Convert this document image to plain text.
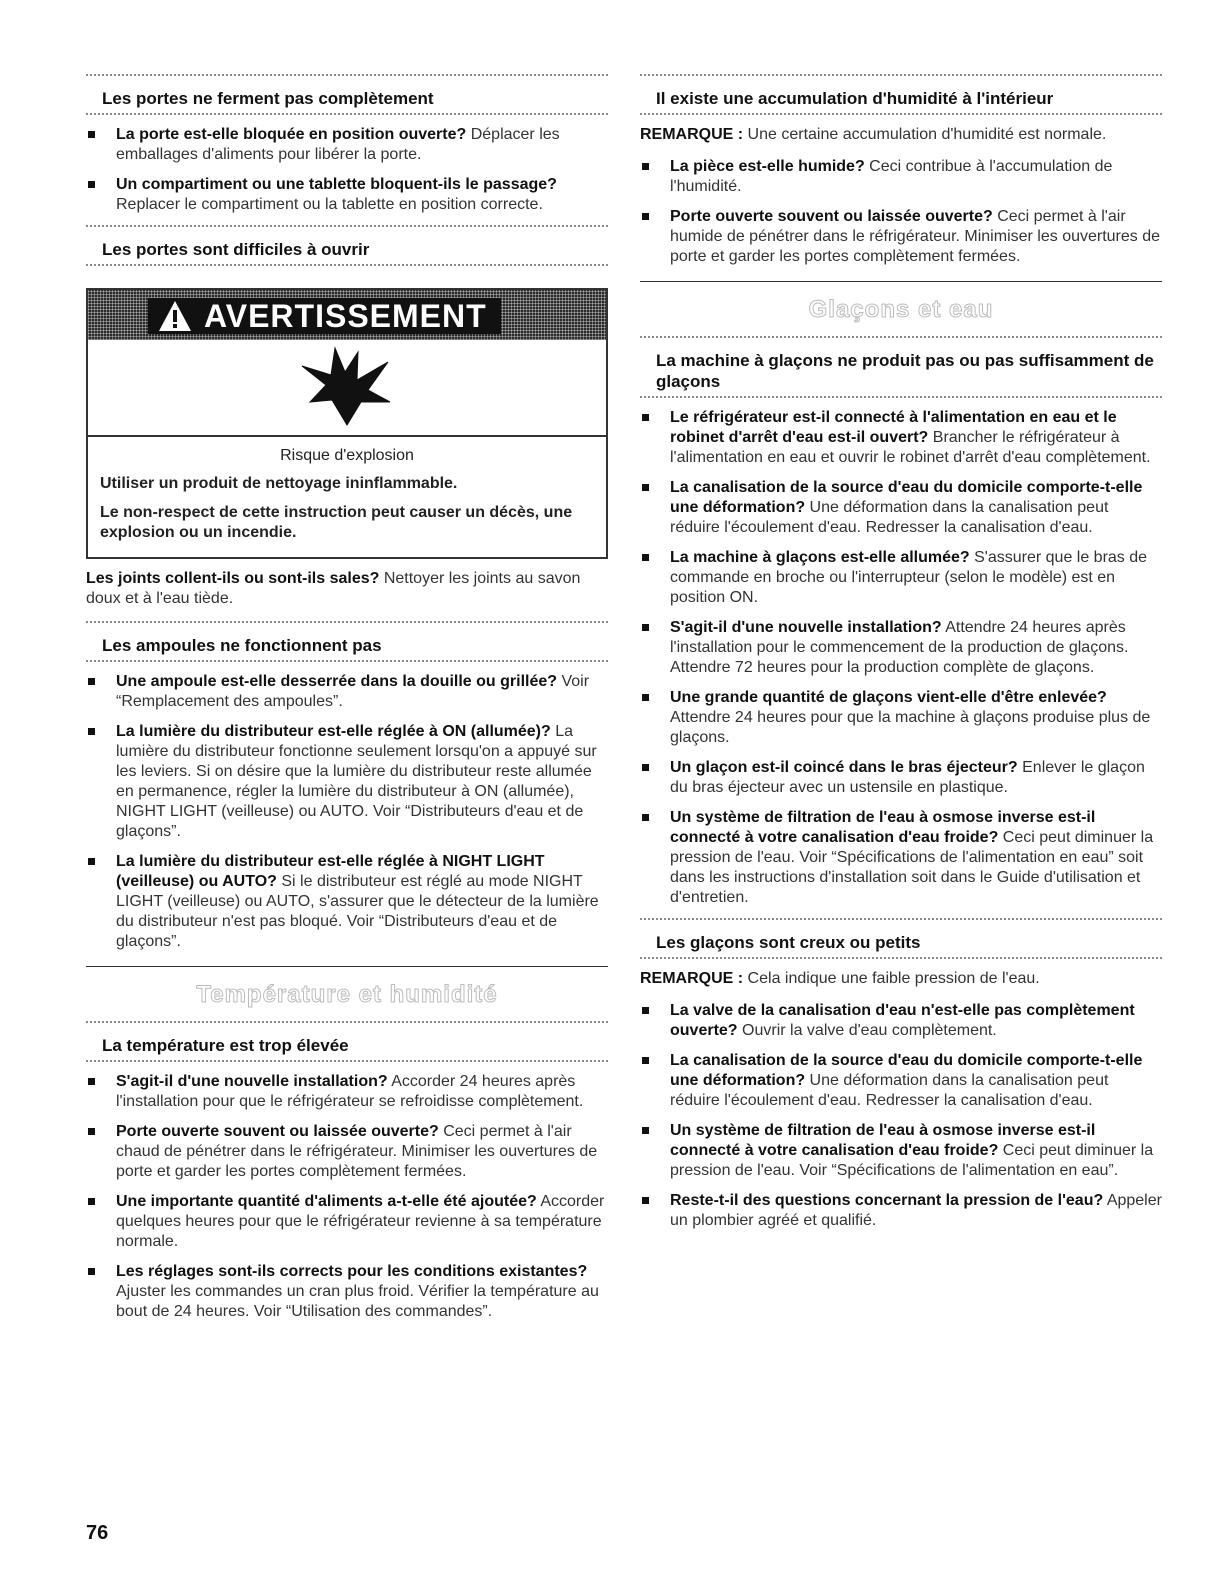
Les portes ne ferment pas complètement
La porte est-elle bloquée en position ouverte? Déplacer les emballages d'aliments pour libérer la porte.
Un compartiment ou une tablette bloquent-ils le passage? Replacer le compartiment ou la tablette en position correcte.
Les portes sont difficiles à ouvrir
AVERTISSEMENT
Risque d'explosion
Utiliser un produit de nettoyage ininflammable.
Le non-respect de cette instruction peut causer un décès, une explosion ou un incendie.

Les joints collent-ils ou sont-ils sales? Nettoyer les joints au savon doux et à l'eau tiède.

Les ampoules ne fonctionnent pas
Une ampoule est-elle desserrée dans la douille ou grillée? Voir “Remplacement des ampoules”.
La lumière du distributeur est-elle réglée à ON (allumée)? La lumière du distributeur fonctionne seulement lorsqu'on a appuyé sur les leviers. Si on désire que la lumière du distributeur reste allumée en permanence, régler la lumière du distributeur à ON (allumée), NIGHT LIGHT (veilleuse) ou AUTO. Voir “Distributeurs d'eau et de glaçons”.
La lumière du distributeur est-elle réglée à NIGHT LIGHT (veilleuse) ou AUTO? Si le distributeur est réglé au mode NIGHT LIGHT (veilleuse) ou AUTO, s'assurer que le détecteur de la lumière du distributeur n'est pas bloqué. Voir “Distributeurs d'eau et de glaçons”.
Température et humidité
La température est trop élevée
S'agit-il d'une nouvelle installation? Accorder 24 heures après l'installation pour que le réfrigérateur se refroidisse complètement.
Porte ouverte souvent ou laissée ouverte? Ceci permet à l'air chaud de pénétrer dans le réfrigérateur. Minimiser les ouvertures de porte et garder les portes complètement fermées.
Une importante quantité d'aliments a-t-elle été ajoutée? Accorder quelques heures pour que le réfrigérateur revienne à sa température normale.
Les réglages sont-ils corrects pour les conditions existantes? Ajuster les commandes un cran plus froid. Vérifier la température au bout de 24 heures. Voir “Utilisation des commandes”.
Il existe une accumulation d'humidité à l'intérieur

REMARQUE : Une certaine accumulation d'humidité est normale.

La pièce est-elle humide? Ceci contribue à l'accumulation de l'humidité.
Porte ouverte souvent ou laissée ouverte? Ceci permet à l'air humide de pénétrer dans le réfrigérateur. Minimiser les ouvertures de porte et garder les portes complètement fermées.
Glaçons et eau
La machine à glaçons ne produit pas ou pas suffisamment de glaçons
Le réfrigérateur est-il connecté à l'alimentation en eau et le robinet d'arrêt d'eau est-il ouvert? Brancher le réfrigérateur à l'alimentation en eau et ouvrir le robinet d'arrêt d'eau complètement.
La canalisation de la source d'eau du domicile comporte-t-elle une déformation? Une déformation dans la canalisation peut réduire l'écoulement d'eau. Redresser la canalisation d'eau.
La machine à glaçons est-elle allumée? S'assurer que le bras de commande en broche ou l'interrupteur (selon le modèle) est en position ON.
S'agit-il d'une nouvelle installation? Attendre 24 heures après l'installation pour le commencement de la production de glaçons. Attendre 72 heures pour la production complète de glaçons.
Une grande quantité de glaçons vient-elle d'être enlevée? Attendre 24 heures pour que la machine à glaçons produise plus de glaçons.
Un glaçon est-il coincé dans le bras éjecteur? Enlever le glaçon du bras éjecteur avec un ustensile en plastique.
Un système de filtration de l'eau à osmose inverse est-il connecté à votre canalisation d'eau froide? Ceci peut diminuer la pression de l'eau. Voir “Spécifications de l'alimentation en eau” soit dans les instructions d'installation soit dans le Guide d'utilisation et d'entretien.
Les glaçons sont creux ou petits

REMARQUE : Cela indique une faible pression de l'eau.

La valve de la canalisation d'eau n'est-elle pas complètement ouverte? Ouvrir la valve d'eau complètement.
La canalisation de la source d'eau du domicile comporte-t-elle une déformation? Une déformation dans la canalisation peut réduire l'écoulement d'eau. Redresser la canalisation d'eau.
Un système de filtration de l'eau à osmose inverse est-il connecté à votre canalisation d'eau froide? Ceci peut diminuer la pression de l'eau. Voir “Spécifications de l'alimentation en eau”.
Reste-t-il des questions concernant la pression de l'eau? Appeler un plombier agréé et qualifié.
76
